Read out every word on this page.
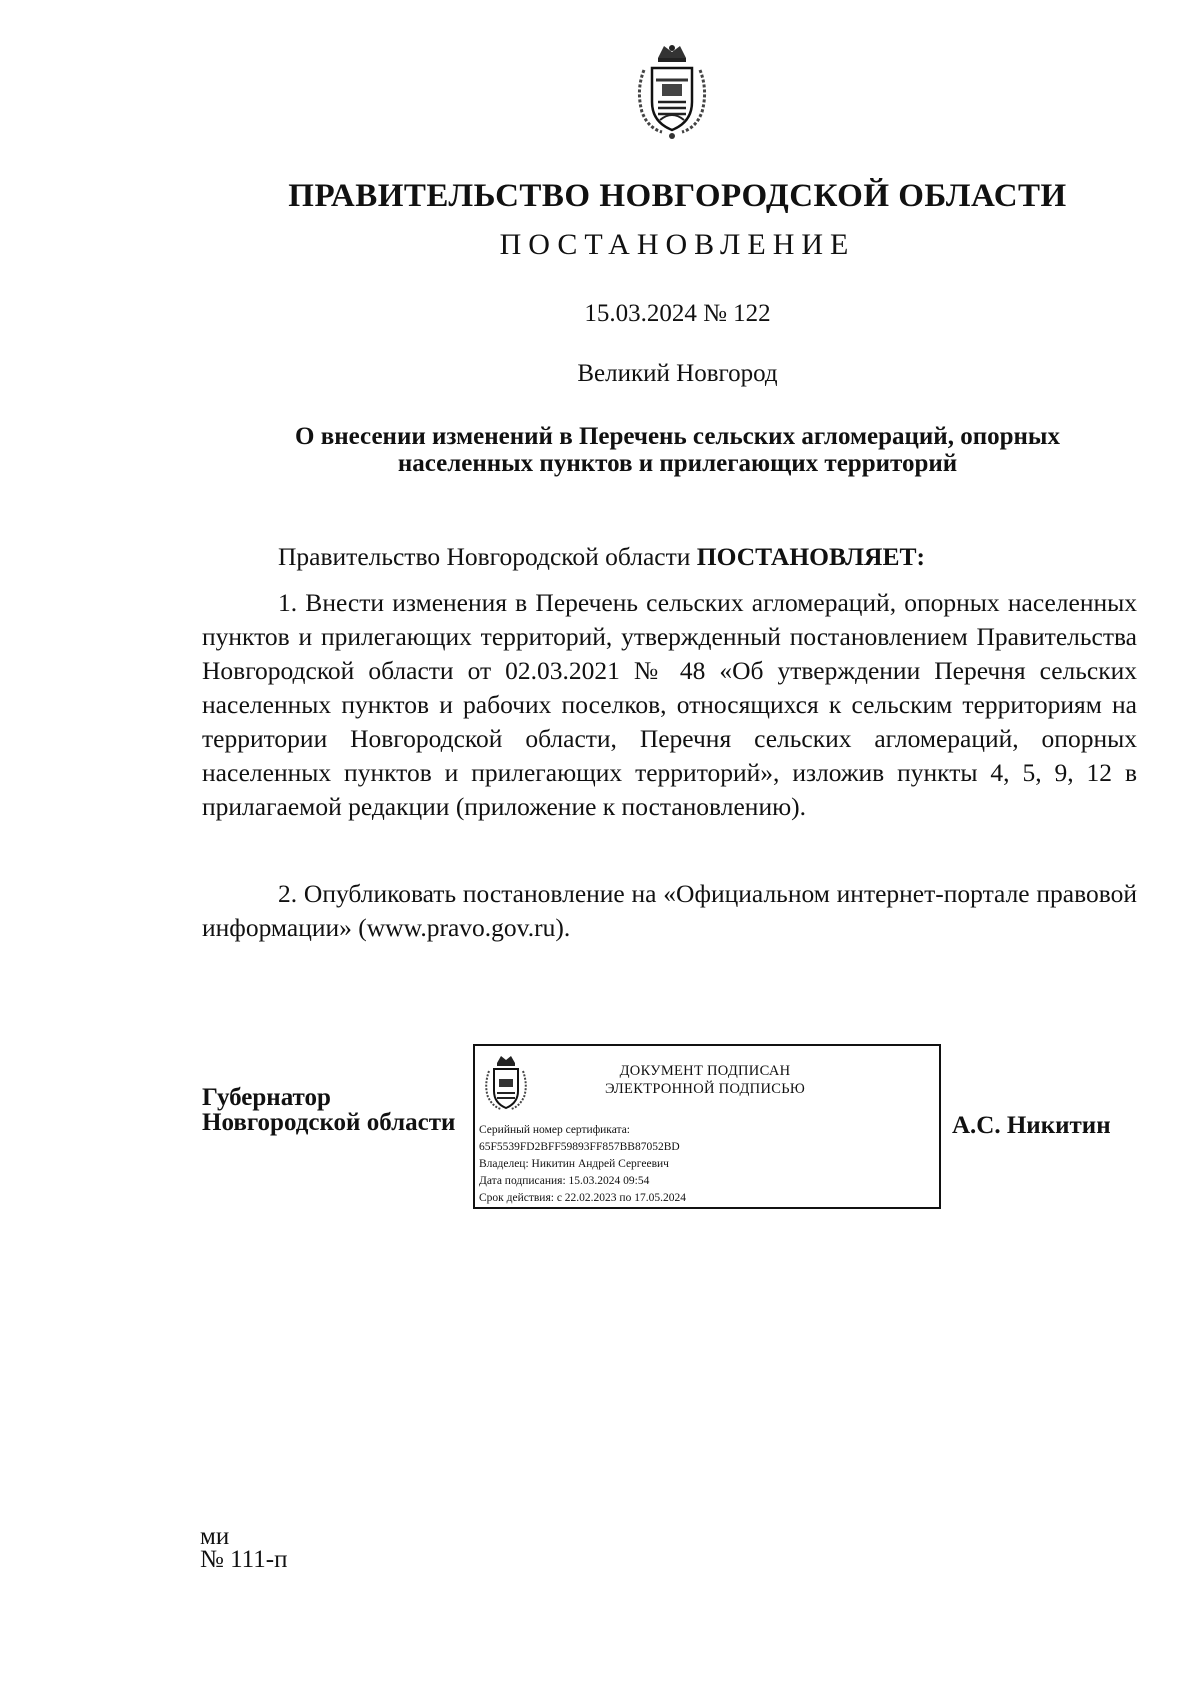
ПРАВИТЕЛЬСТВО НОВГОРОДСКОЙ ОБЛАСТИ
ПОСТАНОВЛЕНИЕ
15.03.2024 № 122
Великий Новгород
О внесении изменений в Перечень сельских агломераций, опорных
населенных пунктов и прилегающих территорий
Правительство Новгородской области ПОСТАНОВЛЯЕТ:
1. Внести изменения в Перечень сельских агломераций, опорных населенных пунктов и прилегающих территорий, утвержденный постановлением Правительства Новгородской области от 02.03.2021 № 48 «Об утверждении Перечня сельских населенных пунктов и рабочих поселков, относящихся к сельским территориям на территории Новгородской области, Перечня сельских агломераций, опорных населенных пунктов и прилегающих территорий», изложив пункты 4, 5, 9, 12 в прилагаемой редакции (приложение к постановлению).
2. Опубликовать постановление на «Официальном интернет-портале правовой информации» (www.pravo.gov.ru).
Губернатор
Новгородской области
ДОКУМЕНТ ПОДПИСАН
ЭЛЕКТРОННОЙ ПОДПИСЬЮ
Серийный номер сертификата:
65F5539FD2BFF59893FF857BB87052BD
Владелец: Никитин Андрей Сергеевич
Дата подписания: 15.03.2024 09:54
Срок действия: с 22.02.2023 по 17.05.2024
А.С. Никитин
ми
№ 111-п
